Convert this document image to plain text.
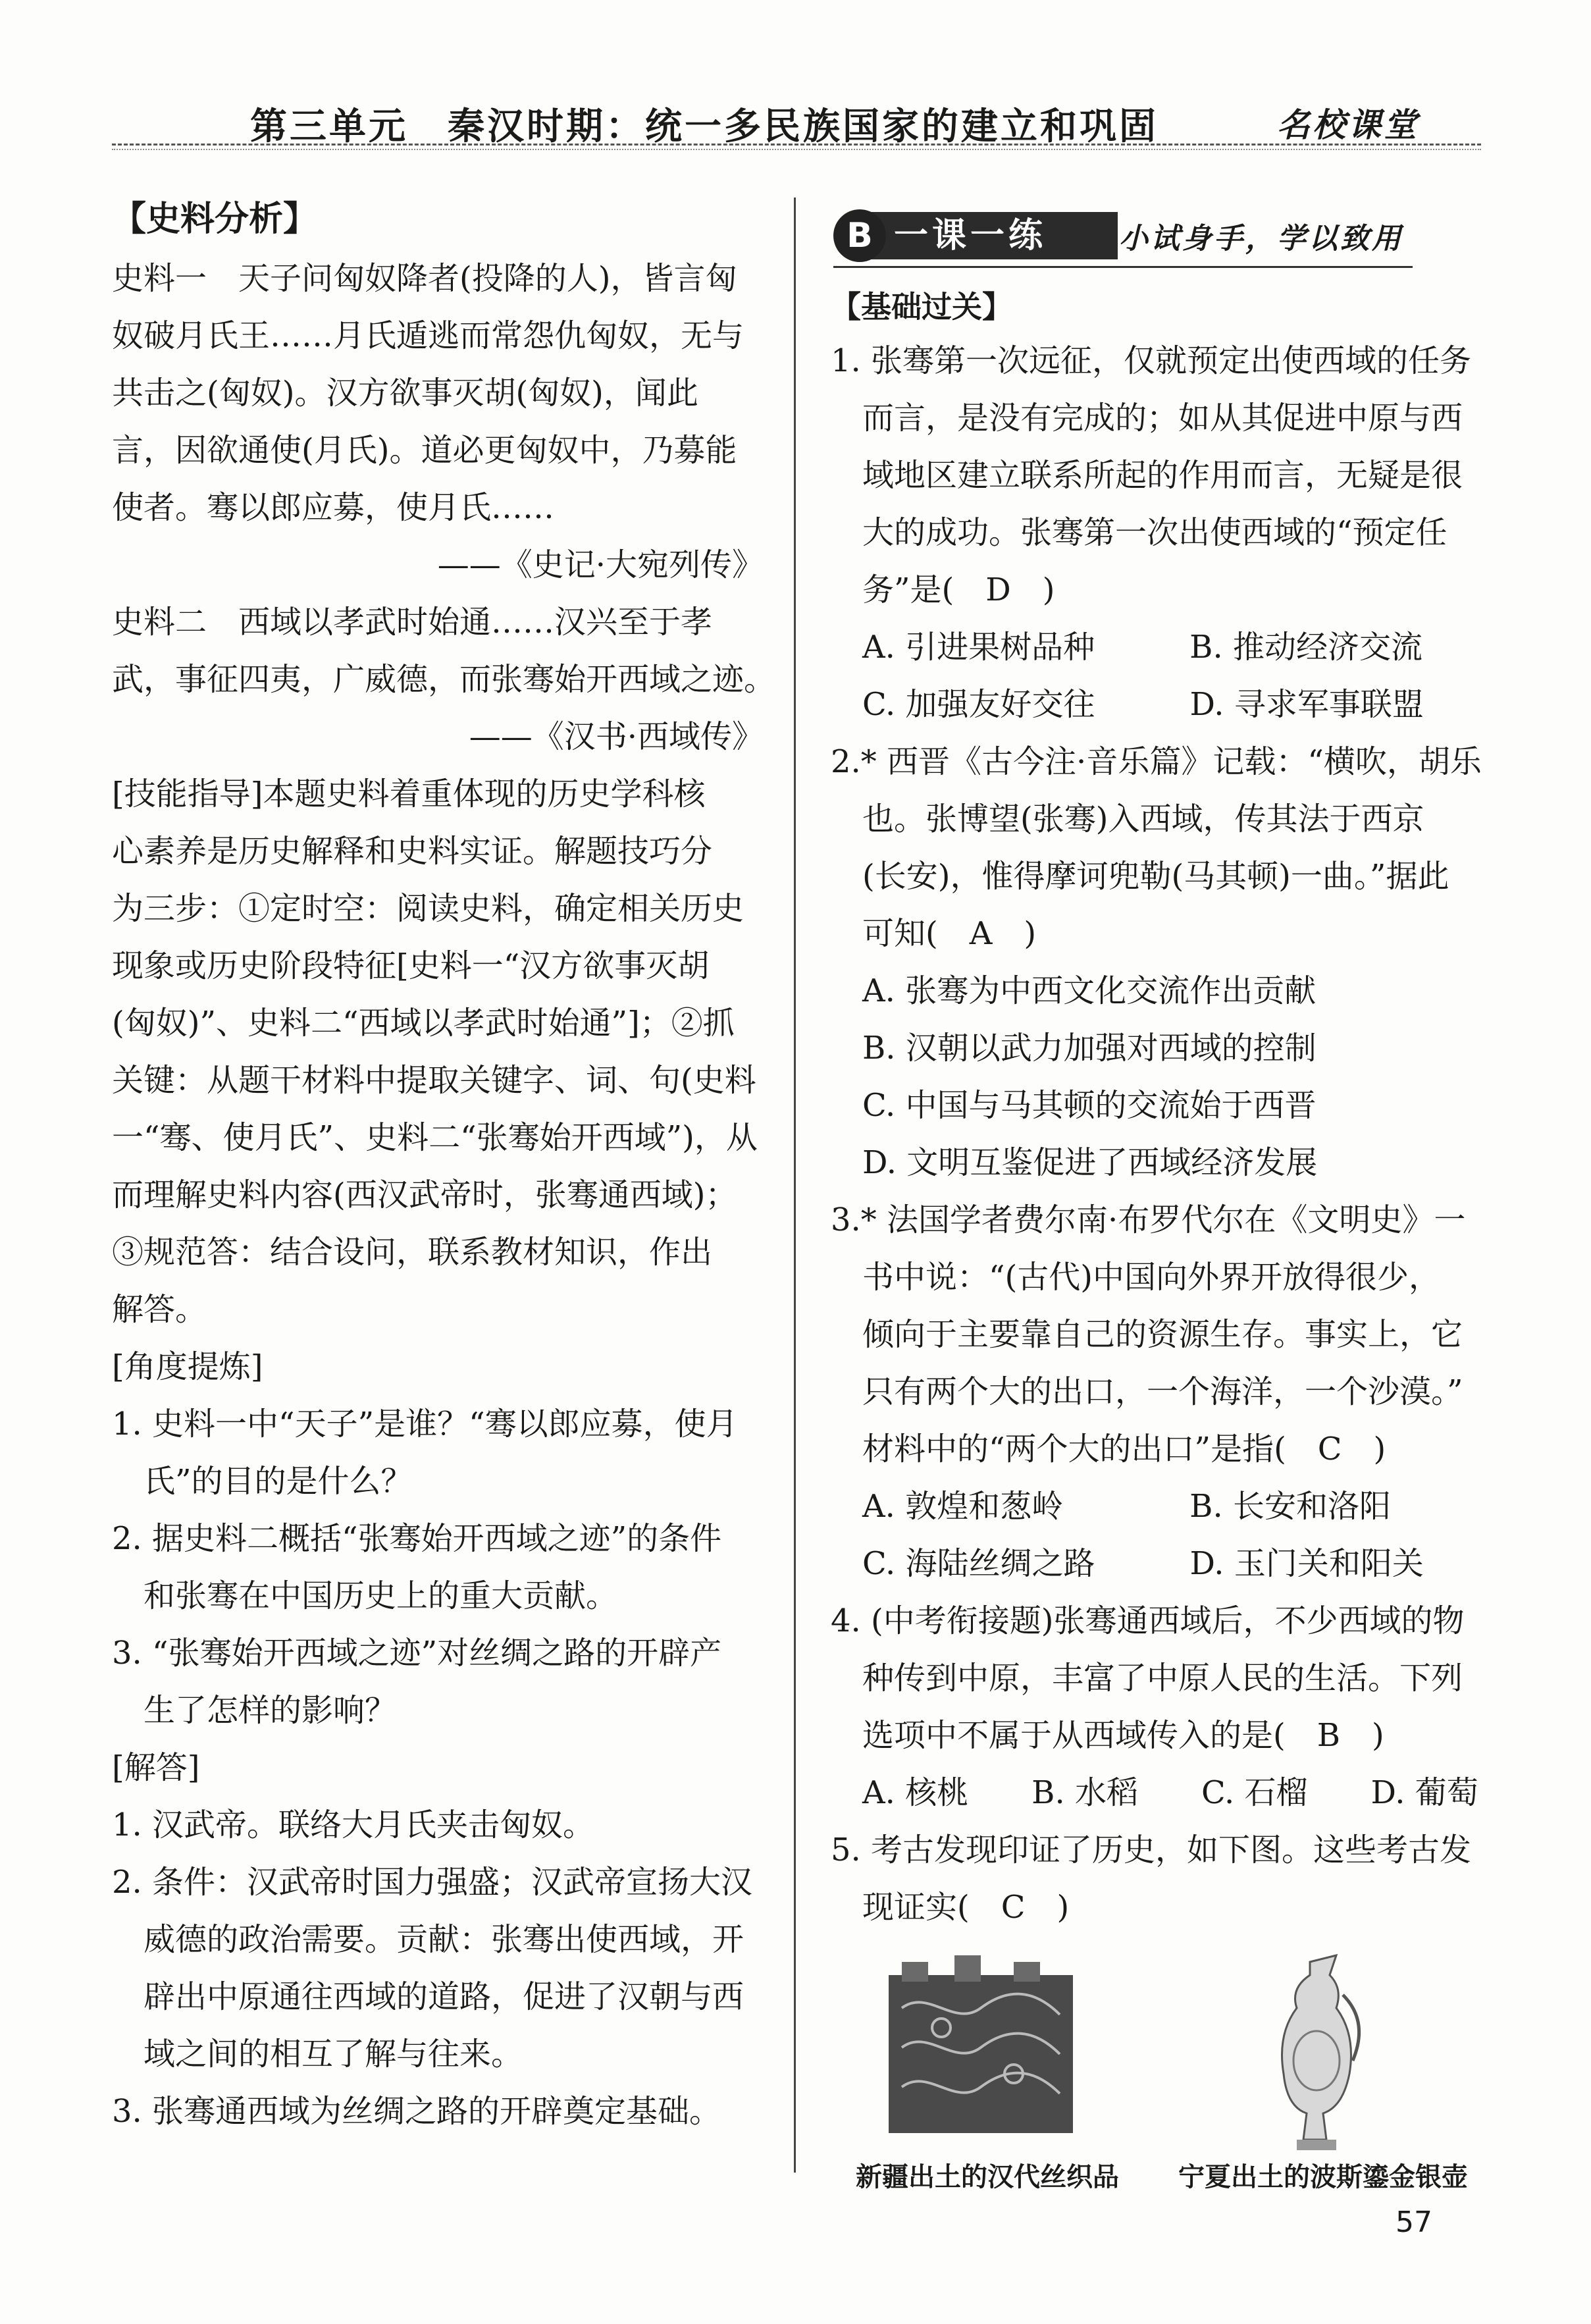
第三单元　秦汉时期：统一多民族国家的建立和巩固	名校课堂
【史料分析】
史料一　天子问匈奴降者(投降的人)，皆言匈
奴破月氏王……月氏遁逃而常怨仇匈奴，无与
共击之(匈奴)。汉方欲事灭胡(匈奴)，闻此
言，因欲通使(月氏)。道必更匈奴中，乃募能
使者。骞以郎应募，使月氏……
——《史记·大宛列传》
史料二　西域以孝武时始通……汉兴至于孝
武，事征四夷，广威德，而张骞始开西域之迹。
——《汉书·西域传》
[技能指导]本题史料着重体现的历史学科核
心素养是历史解释和史料实证。解题技巧分
为三步：①定时空：阅读史料，确定相关历史
现象或历史阶段特征[史料一“汉方欲事灭胡
(匈奴)”、史料二“西域以孝武时始通”]；②抓
关键：从题干材料中提取关键字、词、句(史料
一“骞、使月氏”、史料二“张骞始开西域”)，从
而理解史料内容(西汉武帝时，张骞通西域)；
③规范答：结合设问，联系教材知识，作出
解答。
[角度提炼]
1. 史料一中“天子”是谁？“骞以郎应募，使月
　氏”的目的是什么？
2. 据史料二概括“张骞始开西域之迹”的条件
　和张骞在中国历史上的重大贡献。
3. “张骞始开西域之迹”对丝绸之路的开辟产
　生了怎样的影响？
[解答]
1. 汉武帝。联络大月氏夹击匈奴。
2. 条件：汉武帝时国力强盛；汉武帝宣扬大汉
　威德的政治需要。贡献：张骞出使西域，开
　辟出中原通往西域的道路，促进了汉朝与西
　域之间的相互了解与往来。
3. 张骞通西域为丝绸之路的开辟奠定基础。
一课一练
B	小试身手，学以致用
【基础过关】
1. 张骞第一次远征，仅就预定出使西域的任务
　而言，是没有完成的；如从其促进中原与西
　域地区建立联系所起的作用而言，无疑是很
　大的成功。张骞第一次出使西域的“预定任
　务”是(　D　)
　A. 引进果树品种　　　B. 推动经济交流
　C. 加强友好交往　　　D. 寻求军事联盟
2.* 西晋《古今注·音乐篇》记载：“横吹，胡乐
　也。张博望(张骞)入西域，传其法于西京
　(长安)，惟得摩诃兜勒(马其顿)一曲。”据此
　可知(　A　)
　A. 张骞为中西文化交流作出贡献
　B. 汉朝以武力加强对西域的控制
　C. 中国与马其顿的交流始于西晋
　D. 文明互鉴促进了西域经济发展
3.* 法国学者费尔南·布罗代尔在《文明史》一
　书中说：“(古代)中国向外界开放得很少，
　倾向于主要靠自己的资源生存。事实上，它
　只有两个大的出口，一个海洋，一个沙漠。”
　材料中的“两个大的出口”是指(　C　)
　A. 敦煌和葱岭　　　　B. 长安和洛阳
　C. 海陆丝绸之路　　　D. 玉门关和阳关
4. (中考衔接题)张骞通西域后，不少西域的物
　种传到中原，丰富了中原人民的生活。下列
　选项中不属于从西域传入的是(　B　)
　A. 核桃　　B. 水稻　　C. 石榴　　D. 葡萄
5. 考古发现印证了历史，如下图。这些考古发
　现证实(　C　)
新疆出土的汉代丝织品 宁夏出土的波斯鎏金银壶
57
